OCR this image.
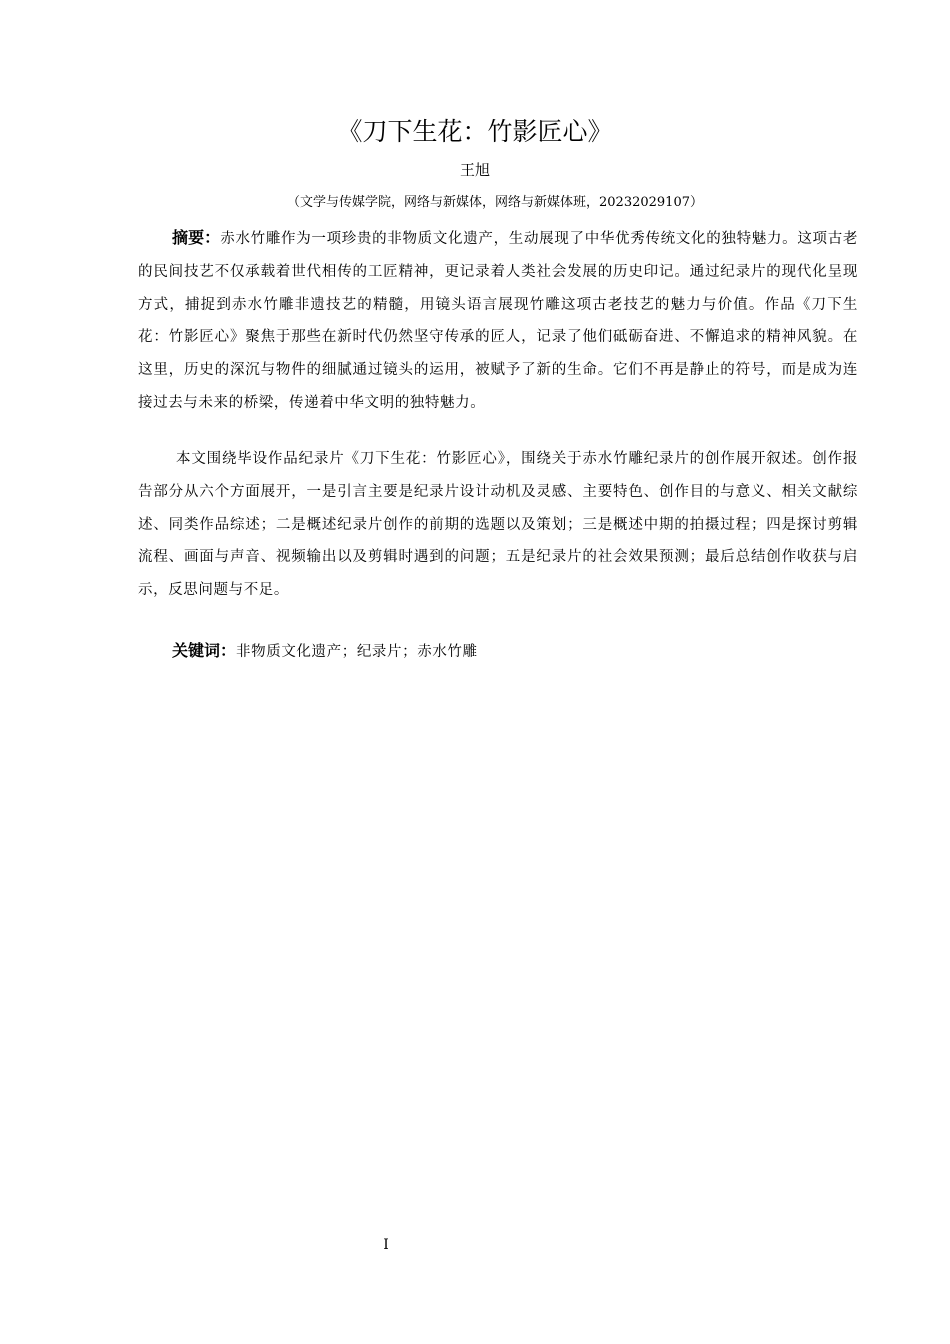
《刀下生花：竹影匠心》
王旭
（文学与传媒学院，网络与新媒体，网络与新媒体班，20232029107）
摘要：赤水竹雕作为一项珍贵的非物质文化遗产，生动展现了中华优秀传统文化的独特魅力。这项古老的民间技艺不仅承载着世代相传的工匠精神，更记录着人类社会发展的历史印记。通过纪录片的现代化呈现方式，捕捉到赤水竹雕非遗技艺的精髓，用镜头语言展现竹雕这项古老技艺的魅力与价值。作品《刀下生花：竹影匠心》聚焦于那些在新时代仍然坚守传承的匠人，记录了他们砥砺奋进、不懈追求的精神风貌。在这里，历史的深沉与物件的细腻通过镜头的运用，被赋予了新的生命。它们不再是静止的符号，而是成为连接过去与未来的桥梁，传递着中华文明的独特魅力。
本文围绕毕设作品纪录片《刀下生花：竹影匠心》，围绕关于赤水竹雕纪录片的创作展开叙述。创作报告部分从六个方面展开，一是引言主要是纪录片设计动机及灵感、主要特色、创作目的与意义、相关文献综述、同类作品综述；二是概述纪录片创作的前期的选题以及策划；三是概述中期的拍摄过程；四是探讨剪辑流程、画面与声音、视频输出以及剪辑时遇到的问题；五是纪录片的社会效果预测；最后总结创作收获与启示，反思问题与不足。
关键词：非物质文化遗产；纪录片；赤水竹雕
I
